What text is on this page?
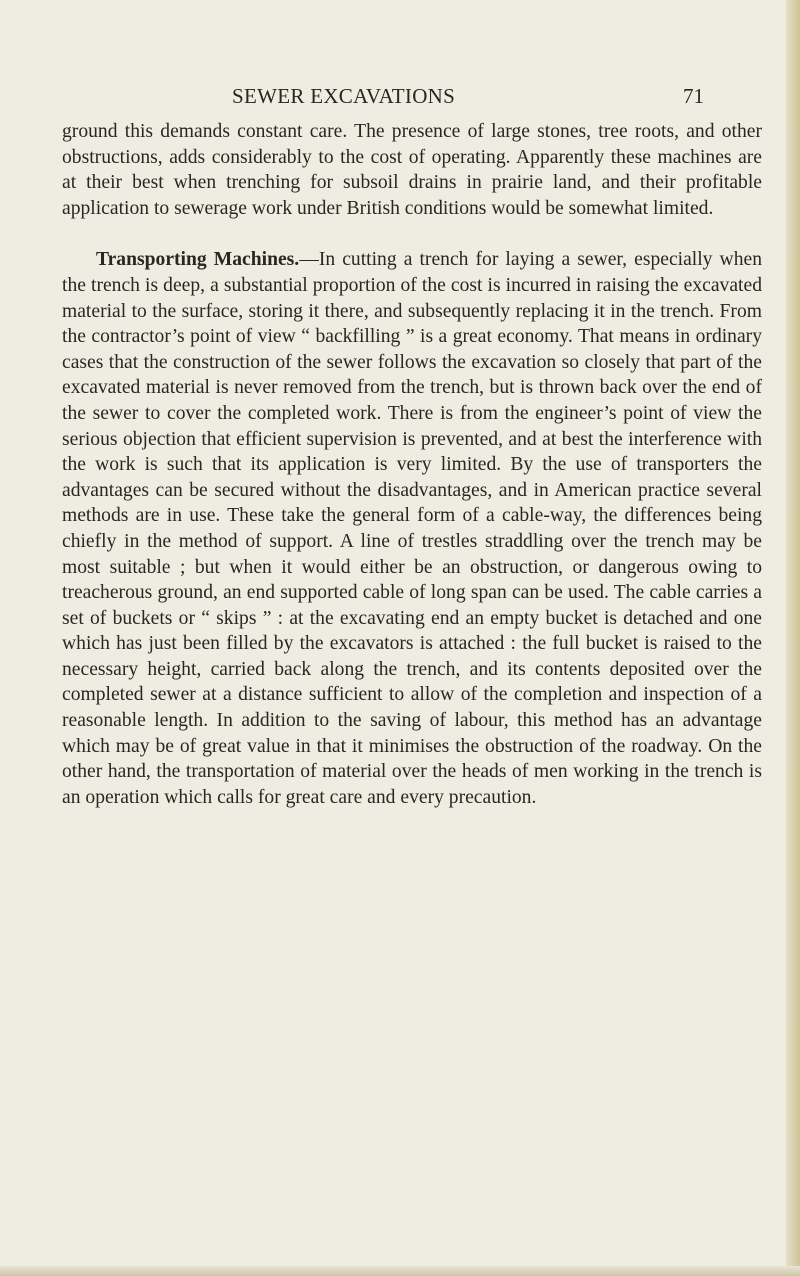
SEWER EXCAVATIONS	71

ground this demands constant care. The presence of large stones, tree roots, and other obstructions, adds considerably to the cost of operating. Apparently these machines are at their best when trenching for subsoil drains in prairie land, and their profitable application to sewerage work under British conditions would be somewhat limited.

Transporting Machines.—In cutting a trench for laying a sewer, especially when the trench is deep, a substantial proportion of the cost is incurred in raising the excavated material to the surface, storing it there, and subsequently replacing it in the trench. From the contractor’s point of view “ backfilling ” is a great economy. That means in ordinary cases that the construction of the sewer follows the excavation so closely that part of the excavated material is never removed from the trench, but is thrown back over the end of the sewer to cover the completed work. There is from the engineer’s point of view the serious objection that efficient supervision is prevented, and at best the interference with the work is such that its application is very limited. By the use of transporters the advantages can be secured without the disadvantages, and in American practice several methods are in use. These take the general form of a cable-way, the differences being chiefly in the method of support. A line of trestles straddling over the trench may be most suitable ; but when it would either be an obstruction, or dangerous owing to treacherous ground, an end supported cable of long span can be used. The cable carries a set of buckets or “ skips ” : at the excavating end an empty bucket is detached and one which has just been filled by the excavators is attached : the full bucket is raised to the necessary height, carried back along the trench, and its contents deposited over the completed sewer at a distance sufficient to allow of the completion and inspection of a reasonable length. In addition to the saving of labour, this method has an advantage which may be of great value in that it minimises the obstruction of the roadway. On the other hand, the transportation of material over the heads of men working in the trench is an operation which calls for great care and every precaution.
